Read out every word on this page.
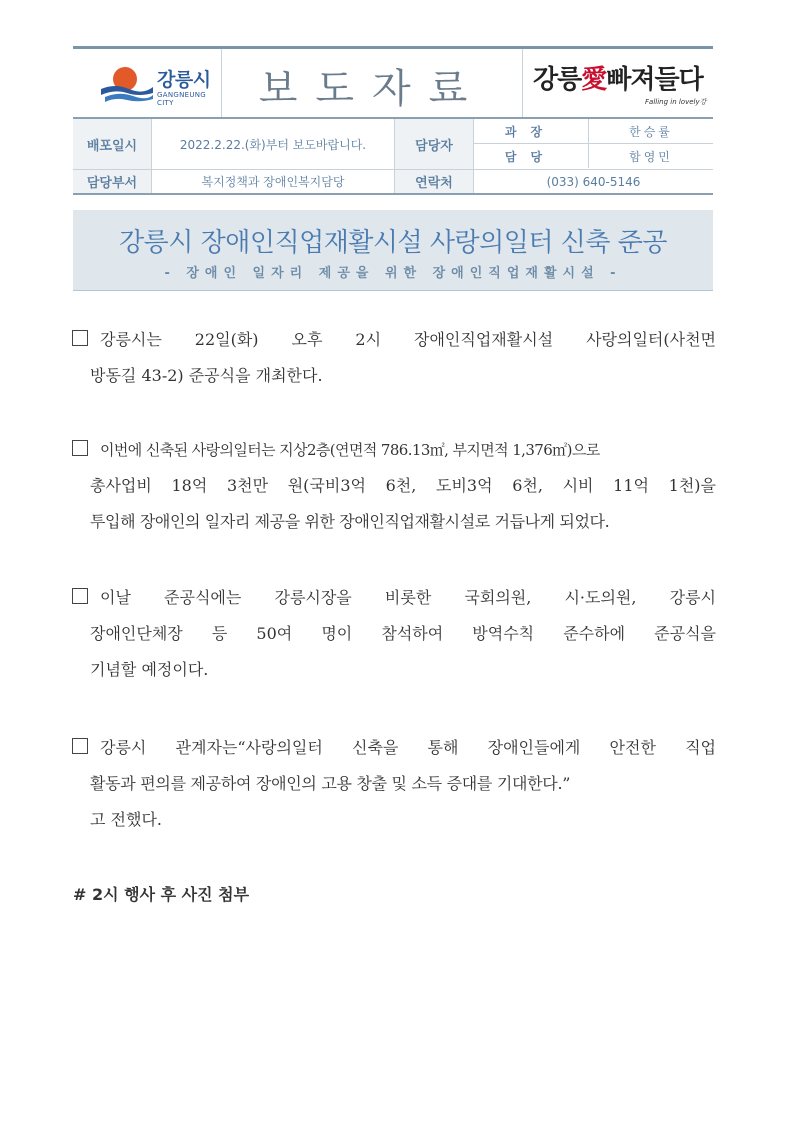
강릉시
GANGNEUNG CITY	보도자료	강릉愛빠져들다
Falling in lovely강
배포일시	2022.2.22.(화)부터 보도바랍니다.	담당자
과장	한승률
담당	함영민
담당부서	복지정책과 장애인복지담당	연락처	(033) 640-5146
강릉시 장애인직업재활시설 사랑의일터 신축 준공
- 장애인 일자리 제공을 위한 장애인직업재활시설 -
강릉시는 22일(화) 오후 2시 장애인직업재활시설 사랑의일터(사천면
방동길 43-2) 준공식을 개최한다.
이번에 신축된 사랑의일터는 지상2층(연면적 786.13㎡, 부지면적 1,376㎡)으로
총사업비 18억 3천만 원(국비3억 6천, 도비3억 6천, 시비 11억 1천)을
투입해 장애인의 일자리 제공을 위한 장애인직업재활시설로 거듭나게 되었다.
이날 준공식에는 강릉시장을 비롯한 국회의원, 시·도의원, 강릉시
장애인단체장 등 50여 명이 참석하여 방역수칙 준수하에 준공식을
기념할 예정이다.
강릉시 관계자는“사랑의일터 신축을 통해 장애인들에게 안전한 직업
활동과 편의를 제공하여 장애인의 고용 창출 및 소득 증대를 기대한다.”
고 전했다.
# 2시 행사 후 사진 첨부
